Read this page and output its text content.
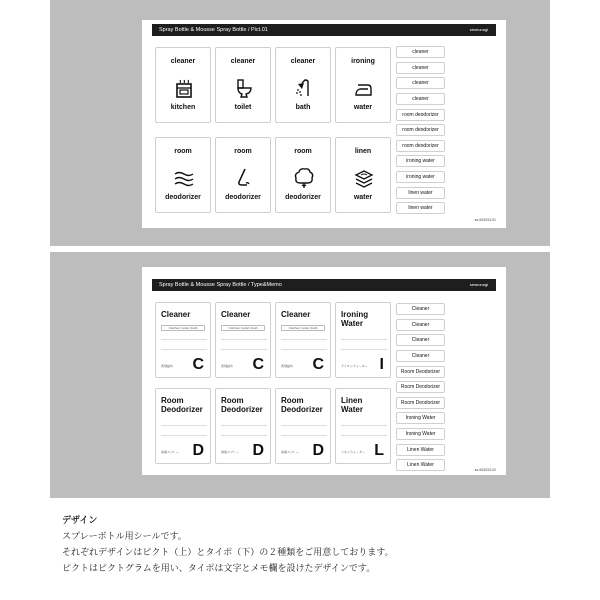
Spray Bottle & Mousse Spray Bottle / Pict.01	seseunagi
cleaner
kitchen
cleaner
toilet
cleaner
bath
ironing
water
room
deodorizer
room
deodorizer
room
deodorizer
linen
water
cleaner
cleaner
cleaner
cleaner
room deodorizer
room deodorizer
room deodorizer
ironing water
ironing water
linen water
linen water
ss-903033-01
Spray Bottle & Mousse Spray Bottle / Type&Memo	seseunagi
Cleaner
□kitchen □toilet □bath
洗剤詰め C
Cleaner
□kitchen □toilet □bath
洗剤詰め C
Cleaner
□kitchen □toilet □bath
洗剤詰め C
Ironing
Water
アイロンウォーター I
Room
Deodorizer
消臭スプレー D
Room
Deodorizer
消臭スプレー D
Room
Deodorizer
消臭スプレー D
Linen
Water
リネンウォーター L
Cleaner
Cleaner
Cleaner
Cleaner
Room Deodorizer
Room Deodorizer
Room Deodorizer
Ironing Water
Ironing Water
Linen Water
Linen Water
ss-903033-02
デザイン
スプレーボトル用シールです。
それぞれデザインはピクト（上）とタイポ（下）の２種類をご用意しております。
ピクトはピクトグラムを用い、タイポは文字とメモ欄を設けたデザインです。
